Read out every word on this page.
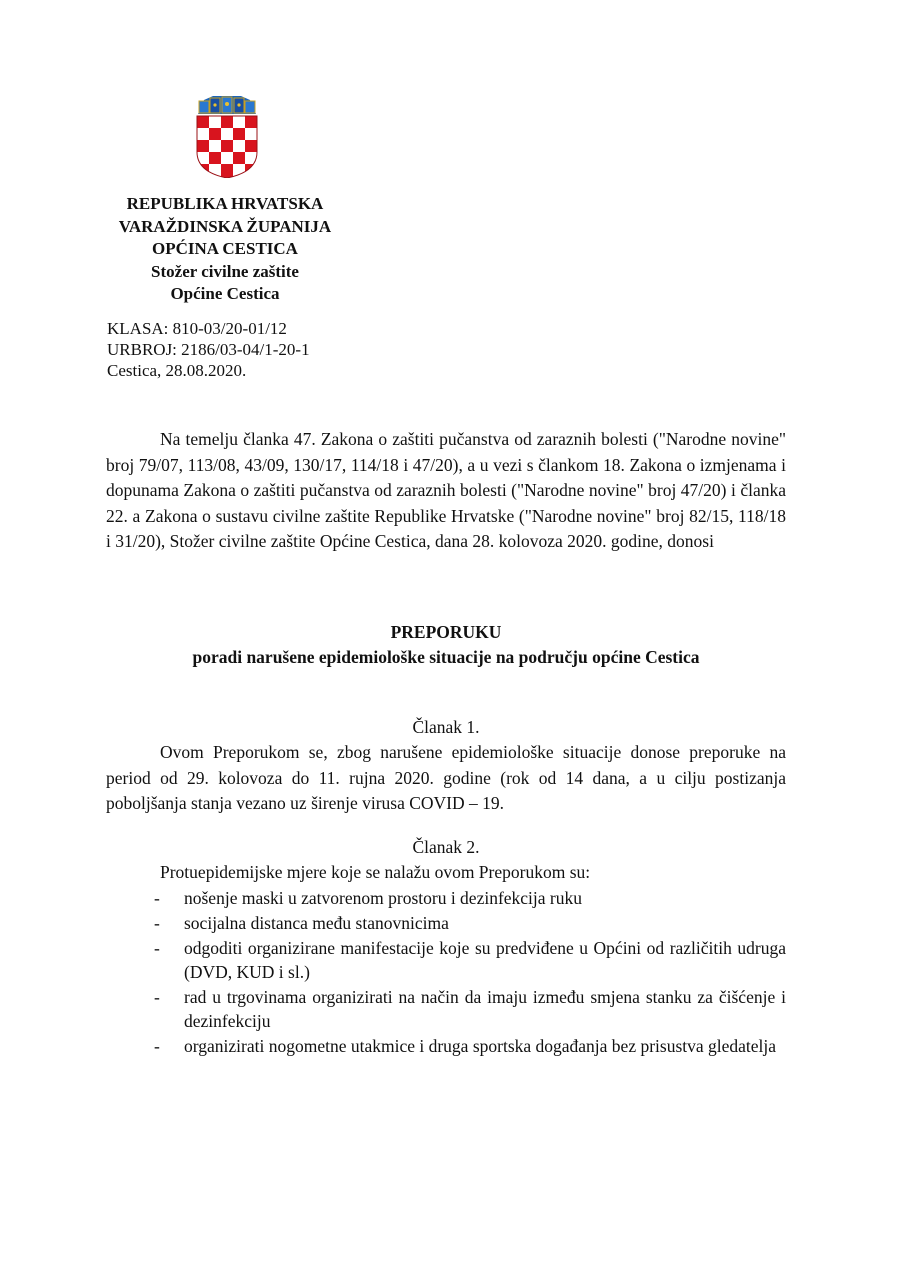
REPUBLIKA HRVATSKA
VARAŽDINSKA ŽUPANIJA
OPĆINA CESTICA
Stožer civilne zaštite
Općine Cestica
KLASA: 810-03/20-01/12
URBROJ: 2186/03-04/1-20-1
Cestica, 28.08.2020.
Na temelju članka 47. Zakona o zaštiti pučanstva od zaraznih bolesti ("Narodne novine" broj 79/07, 113/08, 43/09, 130/17, 114/18 i 47/20), a u vezi s člankom 18. Zakona o izmjenama i dopunama Zakona o zaštiti pučanstva od zaraznih bolesti ("Narodne novine" broj 47/20) i članka 22. a Zakona o sustavu civilne zaštite Republike Hrvatske ("Narodne novine" broj 82/15, 118/18 i 31/20), Stožer civilne zaštite Općine Cestica, dana 28. kolovoza 2020. godine, donosi
PREPORUKU
poradi narušene epidemiološke situacije na području općine Cestica
Članak 1.
Ovom Preporukom se, zbog narušene epidemiološke situacije donose preporuke na period od 29. kolovoza do 11. rujna 2020. godine (rok od 14 dana, a u cilju postizanja poboljšanja stanja vezano uz širenje virusa COVID – 19.
Članak 2.
Protuepidemijske mjere koje se nalažu ovom Preporukom su:
- nošenje maski u zatvorenom prostoru i dezinfekcija ruku
- socijalna distanca među stanovnicima
- odgoditi organizirane manifestacije koje su predviđene u Općini od različitih udruga (DVD, KUD i sl.)
- rad u trgovinama organizirati na način da imaju između smjena stanku za čišćenje i dezinfekciju
- organizirati nogometne utakmice i druga sportska događanja bez prisustva gledatelja
